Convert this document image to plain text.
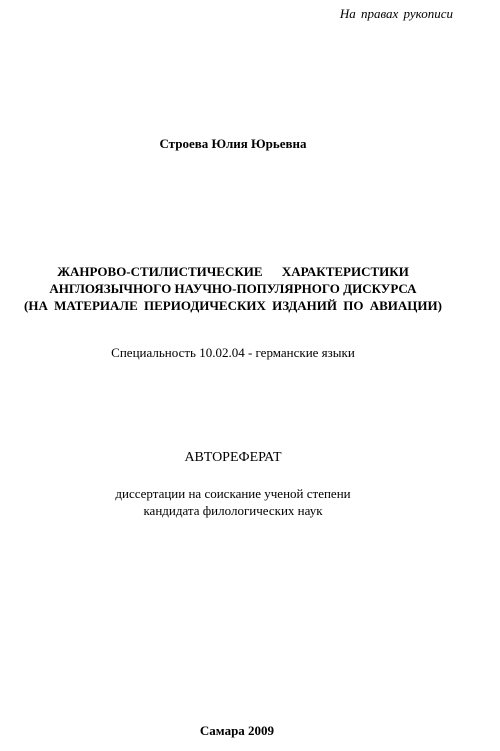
На правах рукописи
Строева Юлия Юрьевна
ЖАНРОВО-СТИЛИСТИЧЕСКИЕ ХАРАКТЕРИСТИКИ
АНГЛОЯЗЫЧНОГО НАУЧНО-ПОПУЛЯРНОГО ДИСКУРСА
(НА МАТЕРИАЛЕ ПЕРИОДИЧЕСКИХ ИЗДАНИЙ ПО АВИАЦИИ)
Специальность 10.02.04 - германские языки
АВТОРЕФЕРАТ
диссертации на соискание ученой степени
кандидата филологических наук
Самара 2009
